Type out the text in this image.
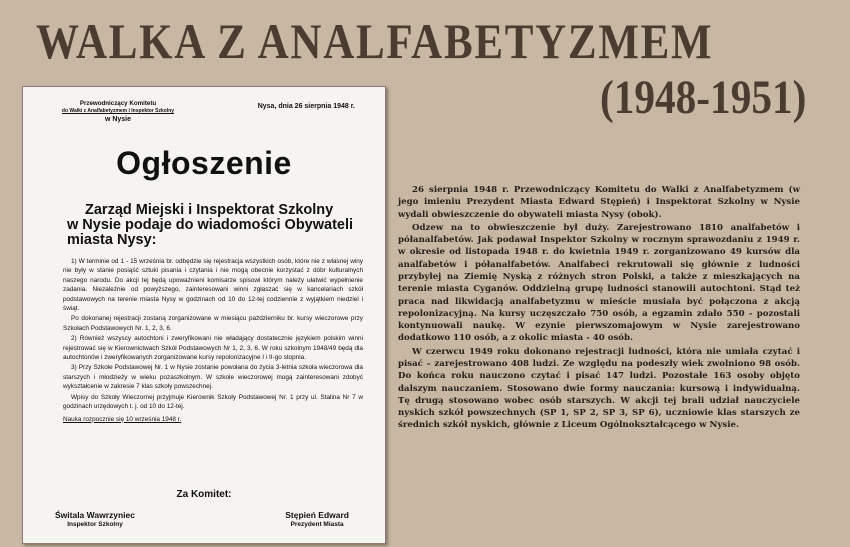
WALKA Z ANALFABETYZMEM
(1948-1951)
Przewodniczący Komitetu
do Walki z Analfabetyzmem i Inspektor Szkolny
w Nysie
Nysa, dnia 26 sierpnia 1948 r.
Ogłoszenie
Zarząd Miejski i Inspektorat Szkolny
w Nysie podaje do wiadomości Obywateli miasta Nysy:

1) W terminie od 1 - 15 września br. odbędzie się rejestracja wszystkich osób, które nie z własnej winy nie były w stanie posiąść sztuki pisania i czytania i nie mogą obecnie korzystać z dóbr kulturalnych naszego narodu. Do akcji tej będą upoważnieni komisarze spisowi którym należy ułatwić wypełnienie zadania. Niezależnie od powyższego, zainteresowani winni zgłaszać się w kancelariach szkół podstawowych na terenie miasta Nysy w godzinach od 10 do 12-tej codziennie z wyjątkiem niedziel i świąt.

Po dokonanej rejestracji zostaną zorganizowane w miesiącu październiku br. kursy wieczorowe przy Szkołach Podstawowych Nr. 1, 2, 3, 6.

2) Również wszyscy autochtoni i zweryfikowani nie władający dostatecznie językiem polskim winni rejestrować się w Kierownictwach Szkół Podstawowych Nr 1, 2, 3, 6. W roku szkolnym 1948/49 będą dla autochtonów i zweryfikowanych zorganizowane kursy repolonizacyjne I i II-go stopnia.

3) Przy Szkole Podstawowej Nr. 1 w Nysie zostanie powołana do życia 3-letnia szkoła wieczorowa dla starszych i młodzieży w wieku pozaszkolnym. W szkole wieczorowej mogą zainteresowani zdobyć wykształcenie w zakresie 7 klas szkoły powszechnej.

Wpisy do Szkoły Wieczornej przyjmuje Kierownik Szkoły Podstawowej Nr. 1 przy ul. Stalina Nr 7 w godzinach urzędowych t. j. od 10 do 12-tej.

Nauka rozpocznie się 10 września 1948 r.

Za Komitet:
Świtala Wawrzyniec
Inspektor Szkolny
Stępień Edward
Prezydent Miasta

26 sierpnia 1948 r. Przewodniczący Komitetu do Walki z Analfabetyzmem (w jego imieniu Prezydent Miasta Edward Stępień) i Inspektorat Szkolny w Nysie wydali obwieszczenie do obywateli miasta Nysy (obok).

Odzew na to obwieszczenie był duży. Zarejestrowano 1810 analfabetów i półanalfabetów. Jak podawał Inspektor Szkolny w rocznym sprawozdaniu z 1949 r. w okresie od listopada 1948 r. do kwietnia 1949 r. zorganizowano 49 kursów dla analfabetów i półanalfabetów. Analfabeci rekrutowali się głównie z ludności przybyłej na Ziemię Nyską z różnych stron Polski, a także z mieszkających na terenie miasta Cyganów. Oddzielną grupę ludności stanowili autochtoni. Stąd też praca nad likwidacją analfabetyzmu w mieście musiała być połączona z akcją repolonizacyjną. Na kursy uczęszczało 750 osób, a egzamin zdało 550 - pozostali kontynuowali naukę. W ezynie pierwszomajowym w Nysie zarejestrowano dodatkowo 110 osób, a z okolic miasta - 40 osób.

W czerwcu 1949 roku dokonano rejestracji ludności, która nie umiała czytać i pisać – zarejestrowano 408 ludzi. Ze względu na podeszły wiek zwolniono 98 osób. Do końca roku nauczono czytać i pisać 147 ludzi. Pozostałe 163 osoby objęto dalszym nauczaniem. Stosowano dwie formy nauczania: kursową i indywidualną. Tę drugą stosowano wobec osób starszych. W akcji tej brali udział nauczyciele nyskich szkół powszechnych (SP 1, SP 2, SP 3, SP 6), uczniowie klas starszych ze średnich szkół nyskich, głównie z Liceum Ogólnokształcącego w Nysie.
